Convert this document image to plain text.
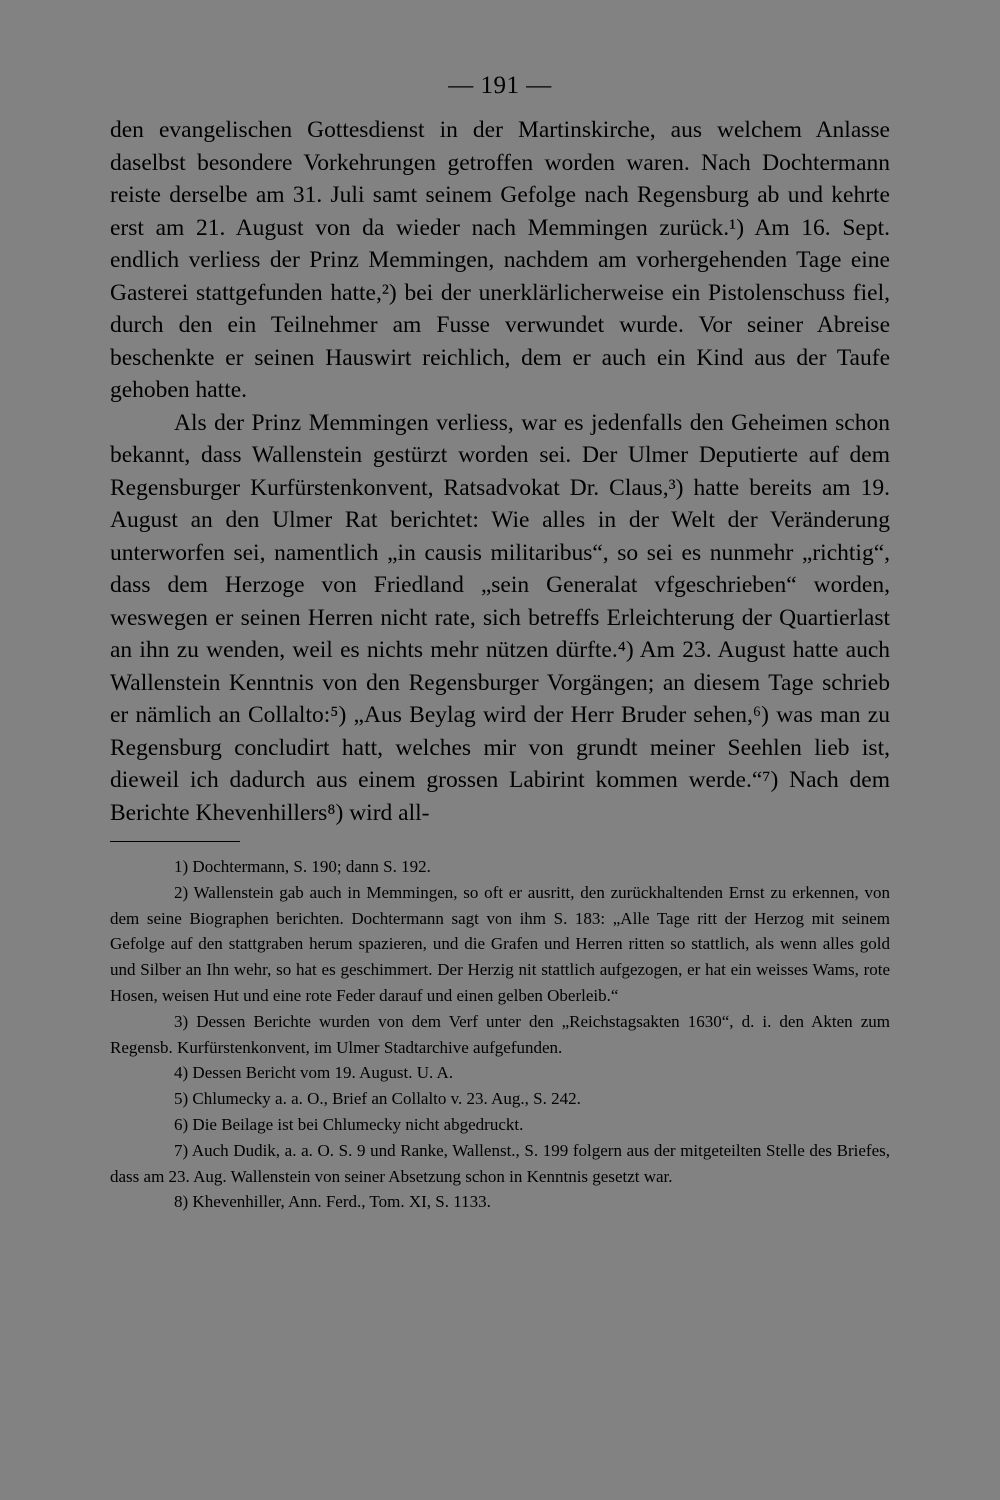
— 191 —

den evangelischen Gottesdienst in der Martinskirche, aus welchem Anlasse daselbst besondere Vorkehrungen getroffen worden waren. Nach Dochtermann reiste derselbe am 31. Juli samt seinem Gefolge nach Regensburg ab und kehrte erst am 21. August von da wieder nach Memmingen zurück.¹) Am 16. Sept. endlich verliess der Prinz Memmingen, nachdem am vorhergehenden Tage eine Gasterei stattgefunden hatte,²) bei der unerklärlicherweise ein Pistolenschuss fiel, durch den ein Teilnehmer am Fusse verwundet wurde. Vor seiner Abreise beschenkte er seinen Hauswirt reichlich, dem er auch ein Kind aus der Taufe gehoben hatte.

Als der Prinz Memmingen verliess, war es jedenfalls den Geheimen schon bekannt, dass Wallenstein gestürzt worden sei. Der Ulmer Deputierte auf dem Regensburger Kurfürstenkonvent, Ratsadvokat Dr. Claus,³) hatte bereits am 19. August an den Ulmer Rat berichtet: Wie alles in der Welt der Veränderung unterworfen sei, namentlich „in causis militaribus“, so sei es nunmehr „richtig“, dass dem Herzoge von Friedland „sein Generalat vfgeschrieben“ worden, weswegen er seinen Herren nicht rate, sich betreffs Erleichterung der Quartierlast an ihn zu wenden, weil es nichts mehr nützen dürfte.⁴) Am 23. August hatte auch Wallenstein Kenntnis von den Regensburger Vorgängen; an diesem Tage schrieb er nämlich an Collalto:⁵) „Aus Beylag wird der Herr Bruder sehen,⁶) was man zu Regensburg concludirt hatt, welches mir von grundt meiner Seehlen lieb ist, dieweil ich dadurch aus einem grossen Labirint kommen werde.“⁷) Nach dem Berichte Khevenhillers⁸) wird all-

1) Dochtermann, S. 190; dann S. 192.

2) Wallenstein gab auch in Memmingen, so oft er ausritt, den zurückhaltenden Ernst zu erkennen, von dem seine Biographen berichten. Dochtermann sagt von ihm S. 183: „Alle Tage ritt der Herzog mit seinem Gefolge auf den stattgraben herum spazieren, und die Grafen und Herren ritten so stattlich, als wenn alles gold und Silber an Ihn wehr, so hat es geschimmert. Der Herzig nit stattlich aufgezogen, er hat ein weisses Wams, rote Hosen, weisen Hut und eine rote Feder darauf und einen gelben Oberleib.“

3) Dessen Berichte wurden von dem Verf unter den „Reichstagsakten 1630“, d. i. den Akten zum Regensb. Kurfürstenkonvent, im Ulmer Stadtarchive aufgefunden.

4) Dessen Bericht vom 19. August. U. A.

5) Chlumecky a. a. O., Brief an Collalto v. 23. Aug., S. 242.

6) Die Beilage ist bei Chlumecky nicht abgedruckt.

7) Auch Dudik, a. a. O. S. 9 und Ranke, Wallenst., S. 199 folgern aus der mitgeteilten Stelle des Briefes, dass am 23. Aug. Wallenstein von seiner Absetzung schon in Kenntnis gesetzt war.

8) Khevenhiller, Ann. Ferd., Tom. XI, S. 1133.
